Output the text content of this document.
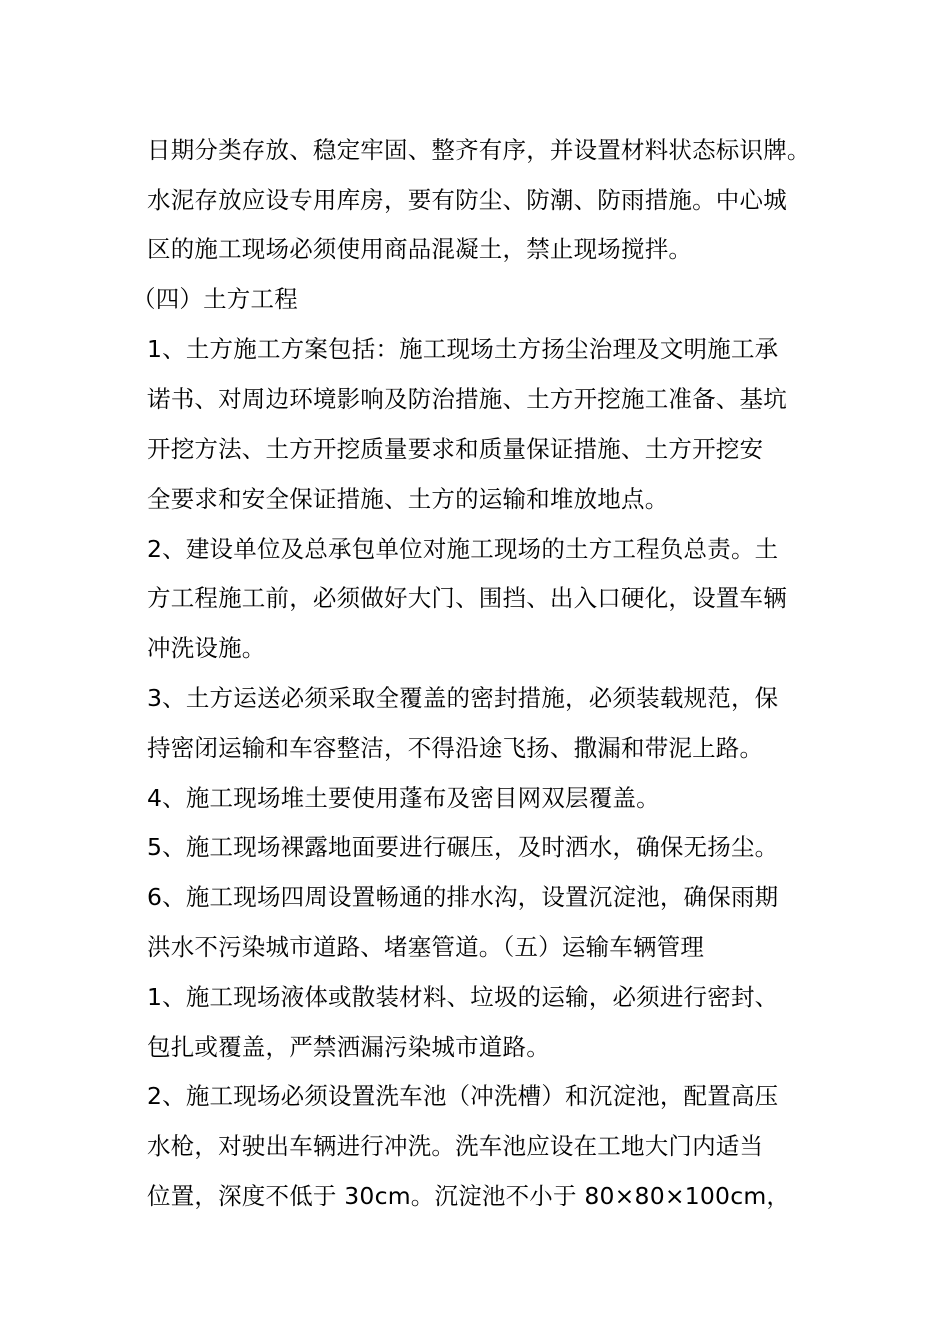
日期分类存放、稳定牢固、整齐有序，并设置材料状态标识牌。
水泥存放应设专用库房，要有防尘、防潮、防雨措施。中心城
区的施工现场必须使用商品混凝土，禁止现场搅拌。
（四）土方工程
1、土方施工方案包括：施工现场土方扬尘治理及文明施工承
诺书、对周边环境影响及防治措施、土方开挖施工准备、基坑
开挖方法、土方开挖质量要求和质量保证措施、土方开挖安
全要求和安全保证措施、土方的运输和堆放地点。
2、建设单位及总承包单位对施工现场的土方工程负总责。土
方工程施工前，必须做好大门、围挡、出入口硬化，设置车辆
冲洗设施。
3、土方运送必须采取全覆盖的密封措施，必须装载规范，保
持密闭运输和车容整洁，不得沿途飞扬、撒漏和带泥上路。
4、施工现场堆土要使用蓬布及密目网双层覆盖。
5、施工现场裸露地面要进行碾压，及时洒水，确保无扬尘。
6、施工现场四周设置畅通的排水沟，设置沉淀池，确保雨期
洪水不污染城市道路、堵塞管道。（五）运输车辆管理
1、施工现场液体或散装材料、垃圾的运输，必须进行密封、
包扎或覆盖，严禁洒漏污染城市道路。
2、施工现场必须设置洗车池（冲洗槽）和沉淀池，配置高压
水枪，对驶出车辆进行冲洗。洗车池应设在工地大门内适当
位置，深度不低于 30cm。沉淀池不小于 80×80×100cm，
